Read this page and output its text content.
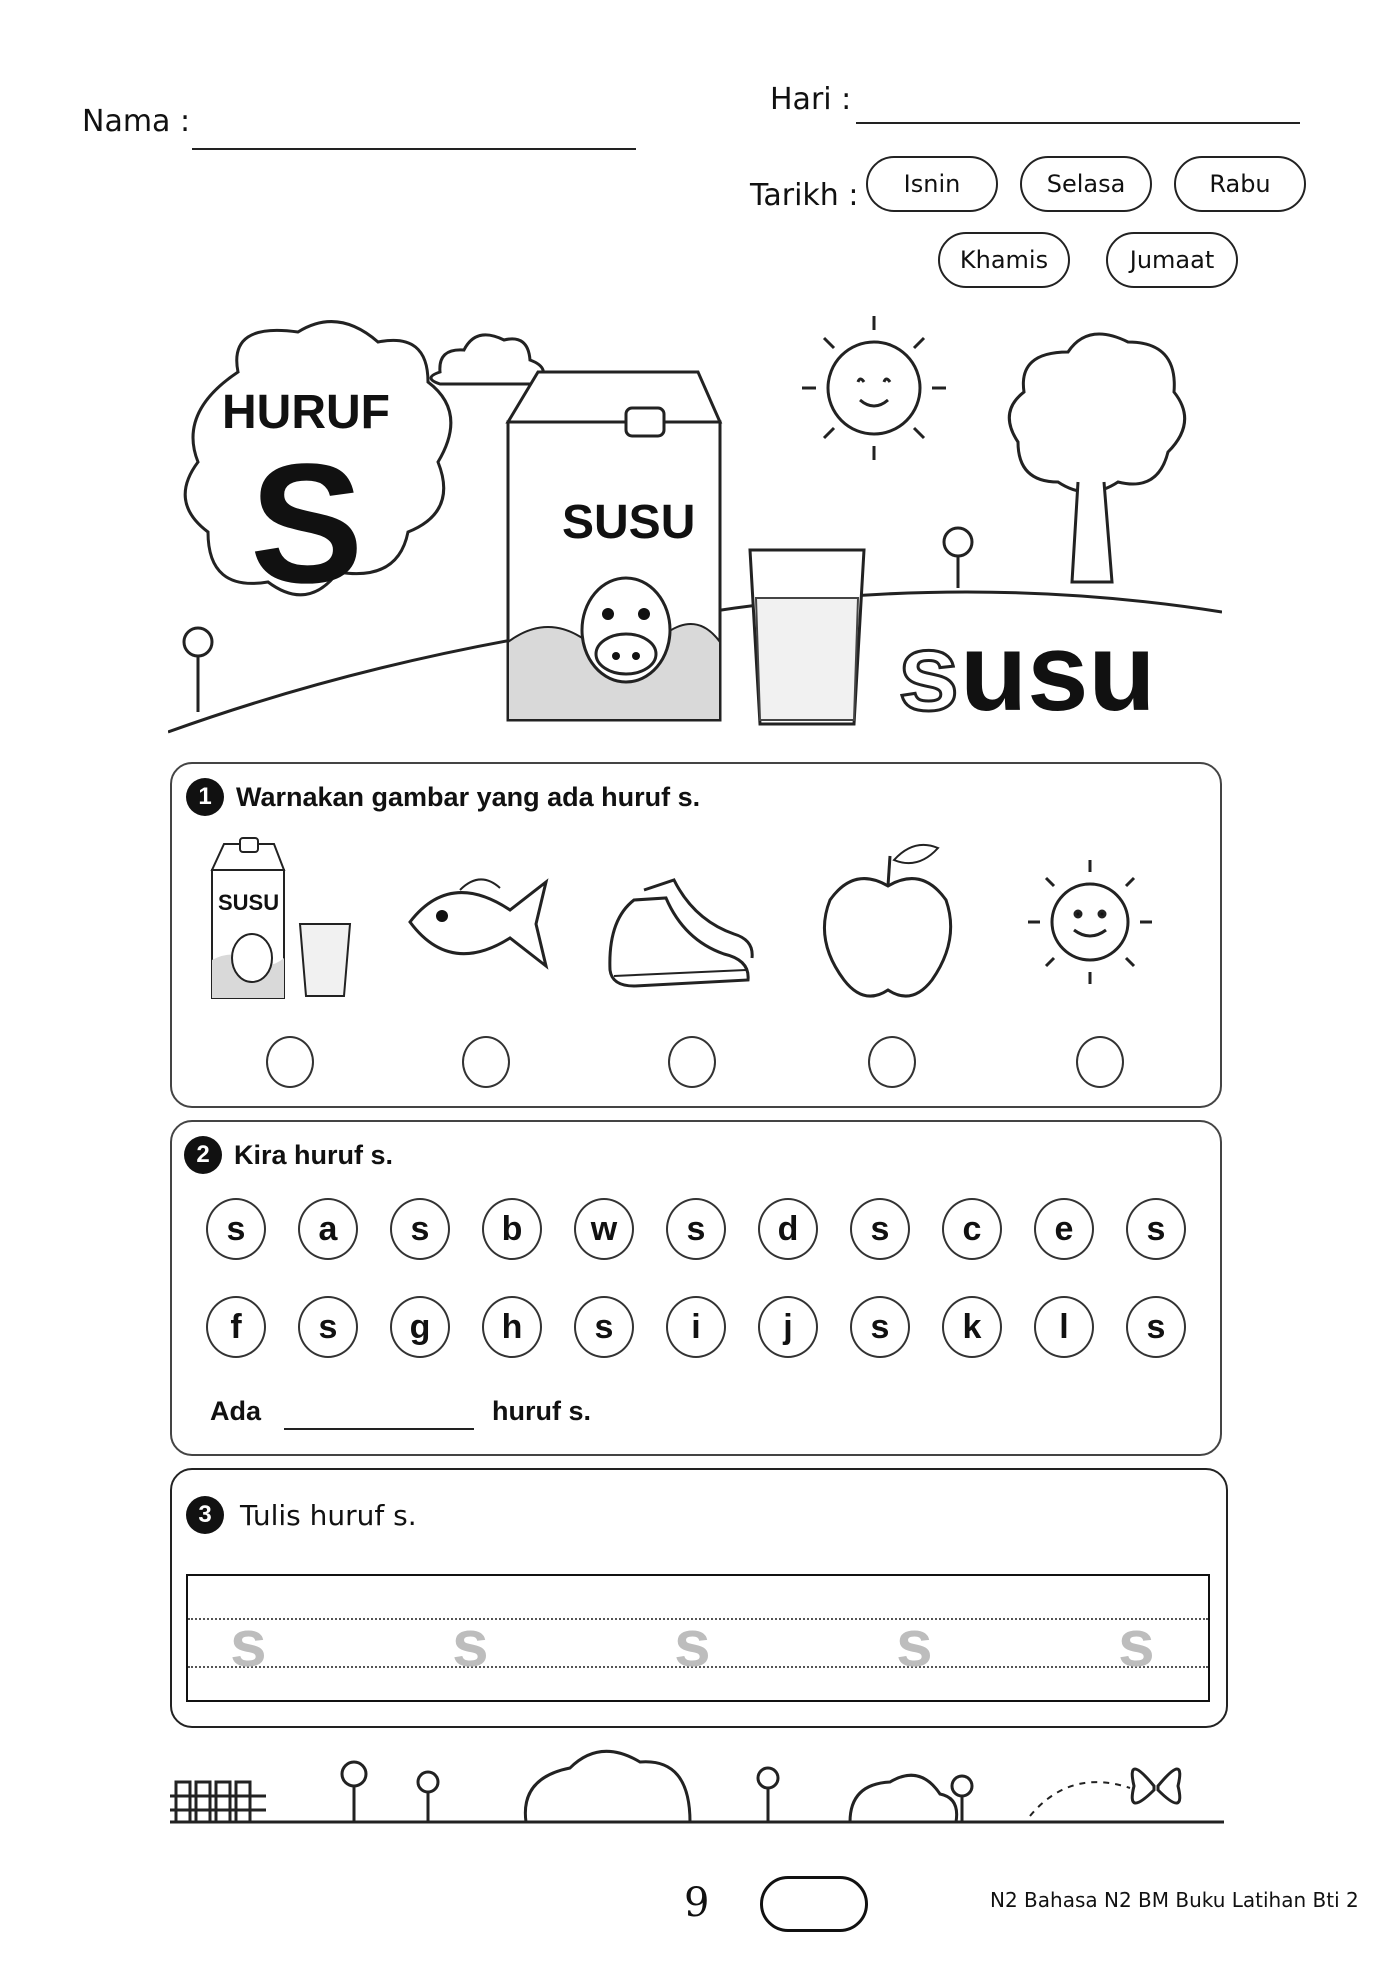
Nama :
Hari :
Tarikh :	Isnin	Selasa	Rabu
Khamis	Jumaat
HURUF
S	SUSU
s usu
1 Warnakan gambar yang ada huruf s.
SUSU
2 Kira huruf s.
s	a	s	b	w	s	d	s	c	e	s
f	s	g	h	s	i	j	s	k	l	s
Ada	huruf s.
3	Tulis huruf s.
s	s	s	s	s
9	N2 Bahasa N2 BM Buku Latihan Bti 2
